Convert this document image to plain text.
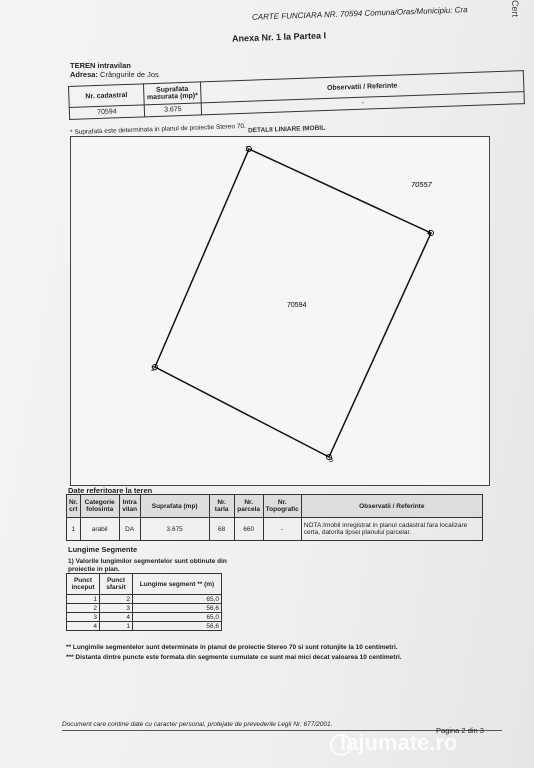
CARTE FUNCIARA NR. 70594 Comuna/Oras/Municipiu: Cra	Cert
Anexa Nr. 1 la Partea I
TEREN intravilan
Adresa: Crângurile de Jos
Nr. cadastral	Suprafata masurata (mp)*	Observatii / Referinte
70594	3.675	-
* Suprafata este determinata in planul de proiectie Stereo 70. DETALII LINIARE IMOBIL
1
4
3
2
70594
70557
Date referitoare la teren
Nr. crt	Categorie folosinta	Intra vilan	Suprafata (mp)	Nr. tarla	Nr. parcela	Nr. Topografic	Observatii / Referinte
1	arabil	DA	3.675	68	660	-	NOTA:Imobil inregistrat in planul cadastral fara localizare certa, datorita lipsei planului parcelar.
Lungime Segmente
1) Valorile lungimilor segmentelor sunt obtinute din proiectie in plan.
Punct inceput	Punct sfarsit	Lungime segment ** (m)
1	2	65,0
2	3	56,6
3	4	65,0
4	1	56,6
** Lungimile segmentelor sunt determinate in planul de proiectie Stereo 70 si sunt rotunjite la 10 centimetri.
*** Distanta dintre puncte este formata din segmente cumulate ce sunt mai mici decat valoarea 10 centimetri.
Document care contine date cu caracter personal, protejate de prevederile Legii Nr. 677/2001.
Pagina 2 din 3
lajumate.ro
